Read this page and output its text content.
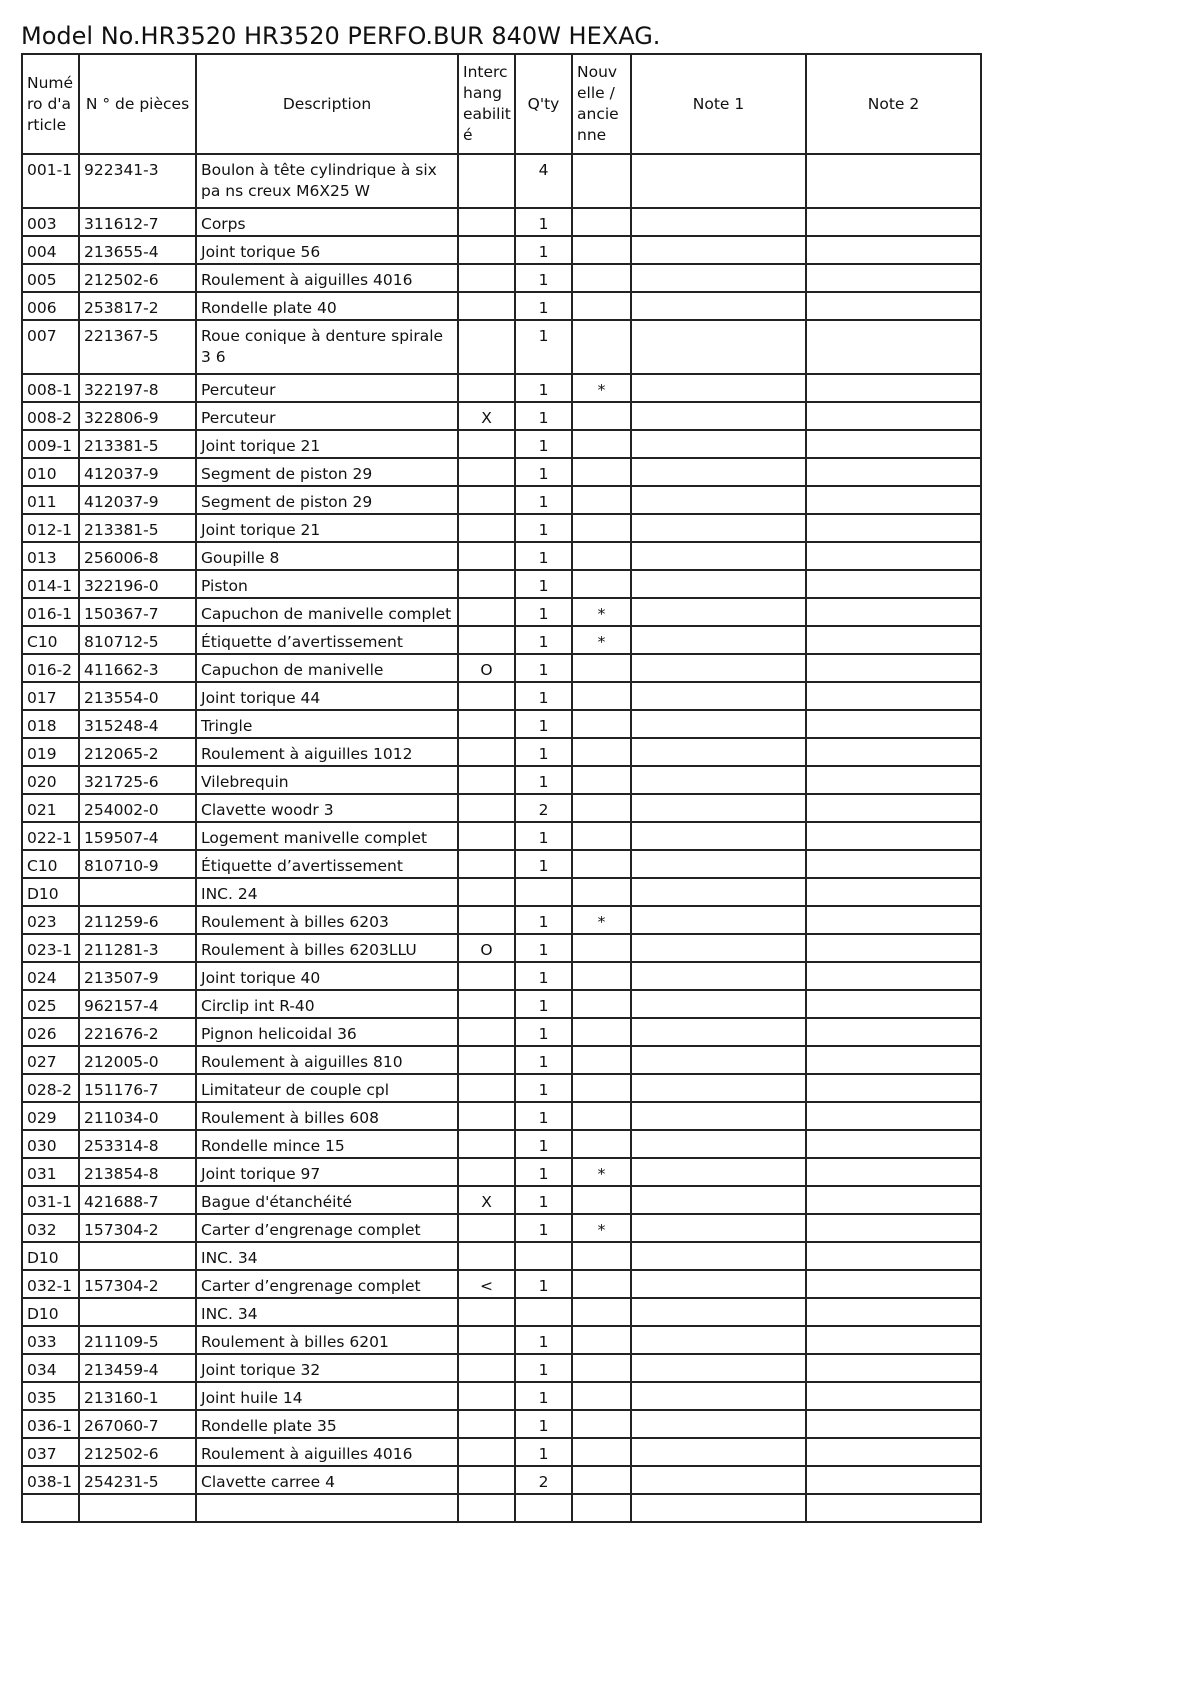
Model No.HR3520 HR3520 PERFO.BUR 840W HEXAG.
Numé ro d'a rticle	N ° de pièces	Description	Interc hang eabilit é	Q'ty	Nouv elle / ancie nne	Note 1	Note 2
001-1	922341-3	Boulon à tête cylindrique à six pa ns creux M6X25 W		4			
003	311612-7	Corps		1			
004	213655-4	Joint torique 56		1			
005	212502-6	Roulement à aiguilles 4016		1			
006	253817-2	Rondelle plate 40		1			
007	221367-5	Roue conique à denture spirale 3 6		1			
008-1	322197-8	Percuteur		1	*		
008-2	322806-9	Percuteur	X	1			
009-1	213381-5	Joint torique 21		1			
010	412037-9	Segment de piston 29		1			
011	412037-9	Segment de piston 29		1			
012-1	213381-5	Joint torique 21		1			
013	256006-8	Goupille 8		1			
014-1	322196-0	Piston		1			
016-1	150367-7	Capuchon de manivelle complet		1	*		
C10	810712-5	Étiquette d’avertissement		1	*		
016-2	411662-3	Capuchon de manivelle	O	1			
017	213554-0	Joint torique 44		1			
018	315248-4	Tringle		1			
019	212065-2	Roulement à aiguilles 1012		1			
020	321725-6	Vilebrequin		1			
021	254002-0	Clavette woodr 3		2			
022-1	159507-4	Logement manivelle complet		1			
C10	810710-9	Étiquette d’avertissement		1			
D10		INC. 24					
023	211259-6	Roulement à billes 6203		1	*		
023-1	211281-3	Roulement à billes 6203LLU	O	1			
024	213507-9	Joint torique 40		1			
025	962157-4	Circlip int R-40		1			
026	221676-2	Pignon helicoidal 36		1			
027	212005-0	Roulement à aiguilles 810		1			
028-2	151176-7	Limitateur de couple cpl		1			
029	211034-0	Roulement à billes 608		1			
030	253314-8	Rondelle mince 15		1			
031	213854-8	Joint torique 97		1	*		
031-1	421688-7	Bague d'étanchéité	X	1			
032	157304-2	Carter d’engrenage complet		1	*		
D10		INC. 34					
032-1	157304-2	Carter d’engrenage complet	<	1			
D10		INC. 34					
033	211109-5	Roulement à billes 6201		1			
034	213459-4	Joint torique 32		1			
035	213160-1	Joint huile 14		1			
036-1	267060-7	Rondelle plate 35		1			
037	212502-6	Roulement à aiguilles 4016		1			
038-1	254231-5	Clavette carree 4		2			
